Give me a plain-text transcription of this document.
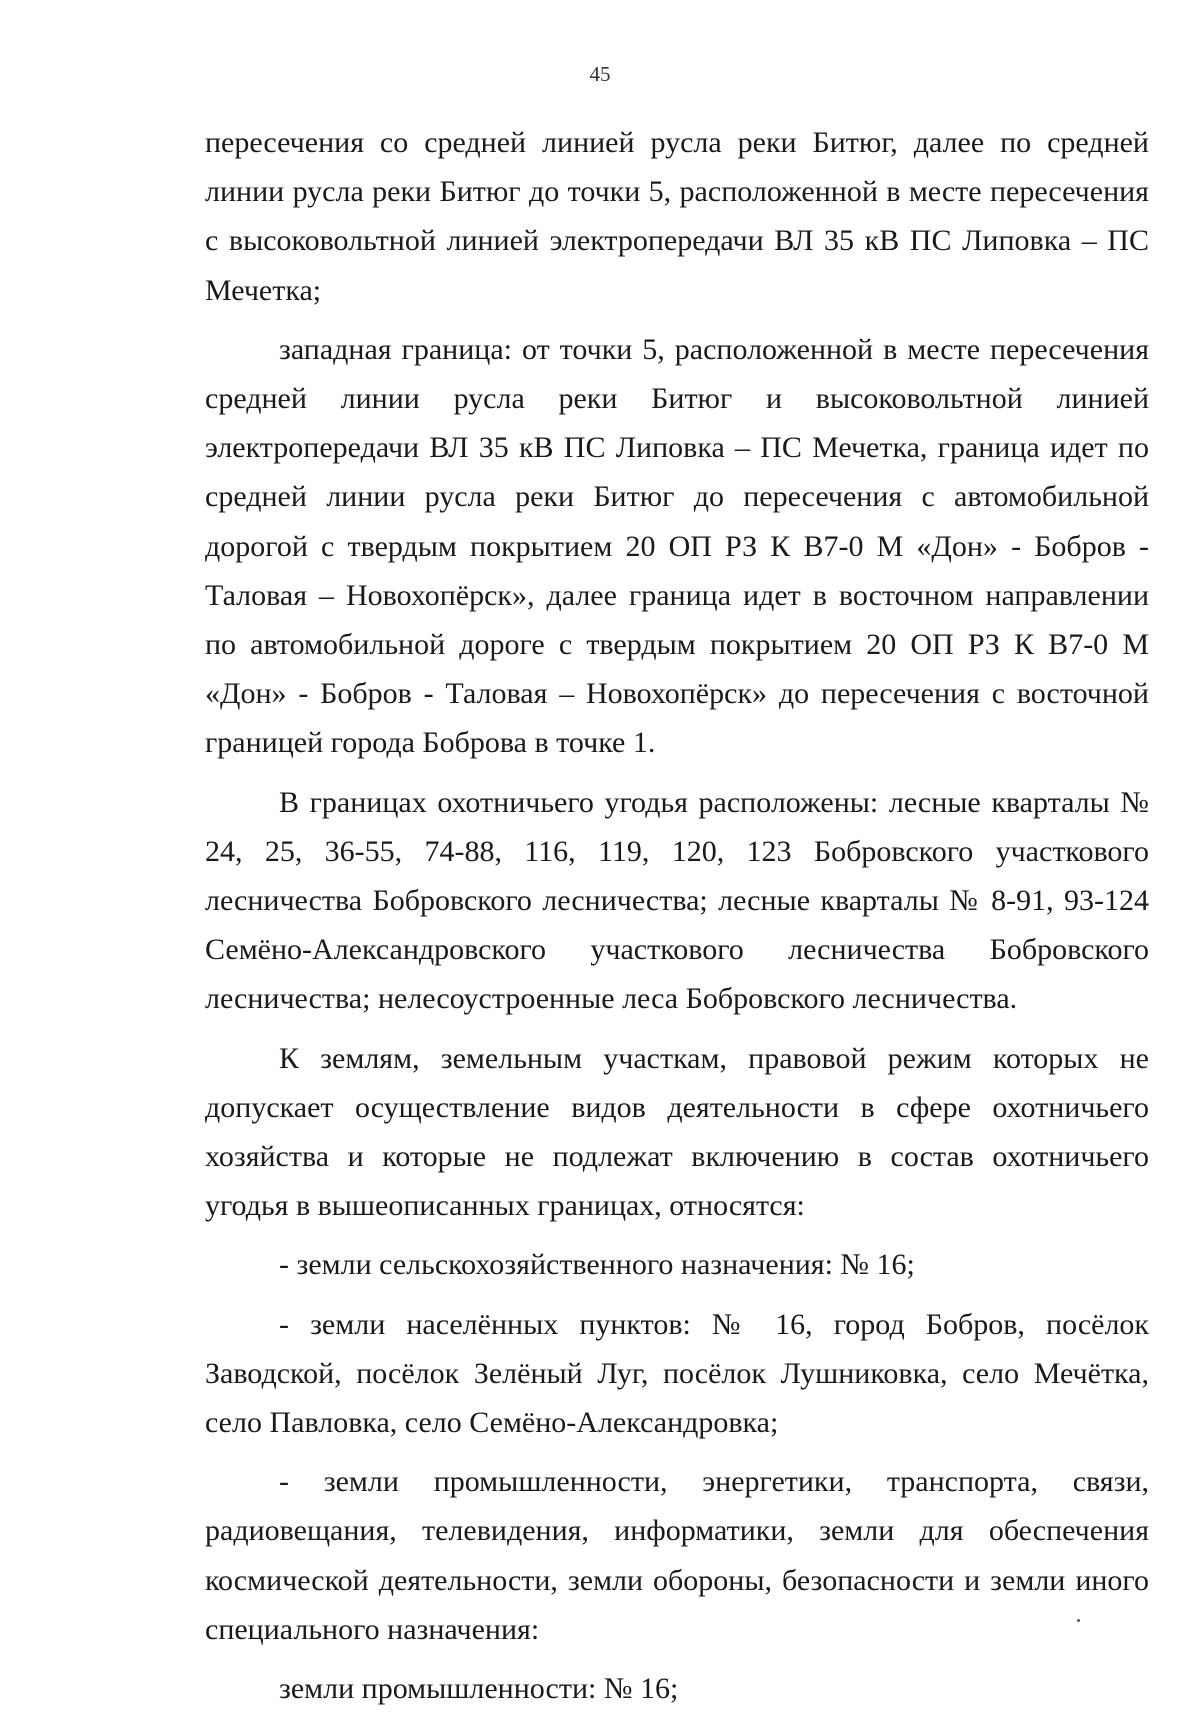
45

пересечения со средней линией русла реки Битюг, далее по средней линии русла реки Битюг до точки 5, расположенной в месте пересечения с высоковольтной линией электропередачи ВЛ 35 кВ ПС Липовка – ПС Мечетка;

западная граница: от точки 5, расположенной в месте пересечения средней линии русла реки Битюг и высоковольтной линией электропередачи ВЛ 35 кВ ПС Липовка – ПС Мечетка, граница идет по средней линии русла реки Битюг до пересечения с автомобильной дорогой с твердым покрытием 20 ОП РЗ К В7-0 М «Дон» - Бобров - Таловая – Новохопёрск», далее граница идет в восточном направлении по автомобильной дороге с твердым покрытием 20 ОП РЗ К В7-0 М «Дон» - Бобров - Таловая – Новохопёрск» до пересечения с восточной границей города Боброва в точке 1.

В границах охотничьего угодья расположены: лесные кварталы № 24, 25, 36-55, 74-88, 116, 119, 120, 123 Бобровского участкового лесничества Бобровского лесничества; лесные кварталы № 8-91, 93-124 Семёно-Александровского участкового лесничества Бобровского лесничества; нелесоустроенные леса Бобровского лесничества.

К землям, земельным участкам, правовой режим которых не допускает осуществление видов деятельности в сфере охотничьего хозяйства и которые не подлежат включению в состав охотничьего угодья в вышеописанных границах, относятся:

- земли сельскохозяйственного назначения: № 16;

- земли населённых пунктов: № 16, город Бобров, посёлок Заводской, посёлок Зелёный Луг, посёлок Лушниковка, село Мечётка, село Павловка, село Семёно-Александровка;

- земли промышленности, энергетики, транспорта, связи, радиовещания, телевидения, информатики, земли для обеспечения космической деятельности, земли обороны, безопасности и земли иного специального назначения:

земли промышленности: № 16;
